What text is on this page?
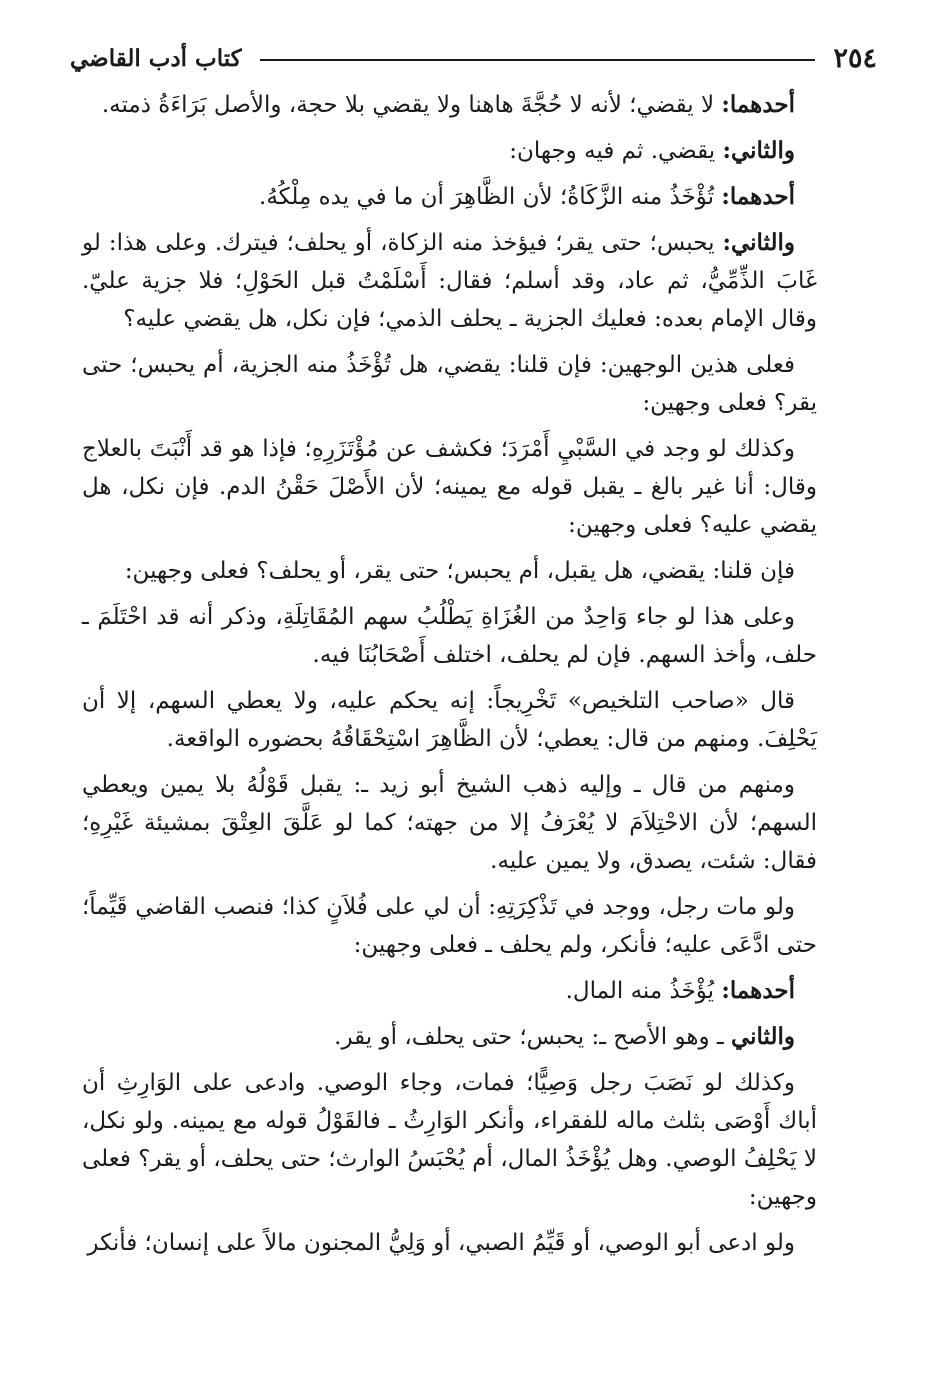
٢٥٤
كتاب أدب القاضي

أحدهما: لا يقضي؛ لأنه لا حُجَّةَ هاهنا ولا يقضي بلا حجة، والأصل بَرَاءَةُ ذمته.

والثاني: يقضي. ثم فيه وجهان:

أحدهما: تُؤْخَذُ منه الزَّكَاةُ؛ لأن الظَّاهِرَ أن ما في يده مِلْكُهُ.

والثاني: يحبس؛ حتى يقر؛ فيؤخذ منه الزكاة، أو يحلف؛ فيترك. وعلى هذا: لو غَابَ الذِّمِّيُّ، ثم عاد، وقد أسلم؛ فقال: أَسْلَمْتُ قبل الحَوْلِ؛ فلا جزية عليّ. وقال الإمام بعده: فعليك الجزية ـ يحلف الذمي؛ فإن نكل، هل يقضي عليه؟

فعلى هذين الوجهين: فإن قلنا: يقضي، هل تُؤْخَذُ منه الجزية، أم يحبس؛ حتى يقر؟ فعلى وجهين:

وكذلك لو وجد في السَّبْيِ أَمْرَدَ؛ فكشف عن مُؤْتَزَرِهِ؛ فإذا هو قد أَنْبَتَ بالعلاج وقال: أنا غير بالغ ـ يقبل قوله مع يمينه؛ لأن الأَصْلَ حَقْنُ الدم. فإن نكل، هل يقضي عليه؟ فعلى وجهين:

فإن قلنا: يقضي، هل يقبل، أم يحبس؛ حتى يقر، أو يحلف؟ فعلى وجهين:

وعلى هذا لو جاء وَاحِدٌ من الغُزَاةِ يَطْلُبُ سهم المُقَاتِلَةِ، وذكر أنه قد احْتَلَمَ ـ حلف، وأخذ السهم. فإن لم يحلف، اختلف أَصْحَابُنَا فيه.

قال «صاحب التلخيص» تَخْرِيجاً: إنه يحكم عليه، ولا يعطي السهم، إلا أن يَحْلِفَ. ومنهم من قال: يعطي؛ لأن الظَّاهِرَ اسْتِحْقَاقُهُ بحضوره الواقعة.

ومنهم من قال ـ وإليه ذهب الشيخ أبو زيد ـ: يقبل قَوْلُهُ بلا يمين ويعطي السهم؛ لأن الاحْتِلاَمَ لا يُعْرَفُ إلا من جهته؛ كما لو عَلَّقَ العِتْقَ بمشيئة غَيْرِهِ؛ فقال: شئت، يصدق، ولا يمين عليه.

ولو مات رجل، ووجد في تَذْكِرَتِهِ: أن لي على فُلاَنٍ كذا؛ فنصب القاضي قَيِّماً؛ حتى ادَّعَى عليه؛ فأنكر، ولم يحلف ـ فعلى وجهين:

أحدهما: يُؤْخَذُ منه المال.

والثاني ـ وهو الأصح ـ: يحبس؛ حتى يحلف، أو يقر.

وكذلك لو نَصَبَ رجل وَصِيًّا؛ فمات، وجاء الوصي. وادعى على الوَارِثِ أن أباك أَوْصَى بثلث ماله للفقراء، وأنكر الوَارِثُ ـ فالقَوْلُ قوله مع يمينه. ولو نكل، لا يَحْلِفُ الوصي. وهل يُؤْخَذُ المال، أم يُحْبَسُ الوارث؛ حتى يحلف، أو يقر؟ فعلى وجهين:

ولو ادعى أبو الوصي، أو قَيِّمُ الصبي، أو وَلِيُّ المجنون مالاً على إنسان؛ فأنكر
